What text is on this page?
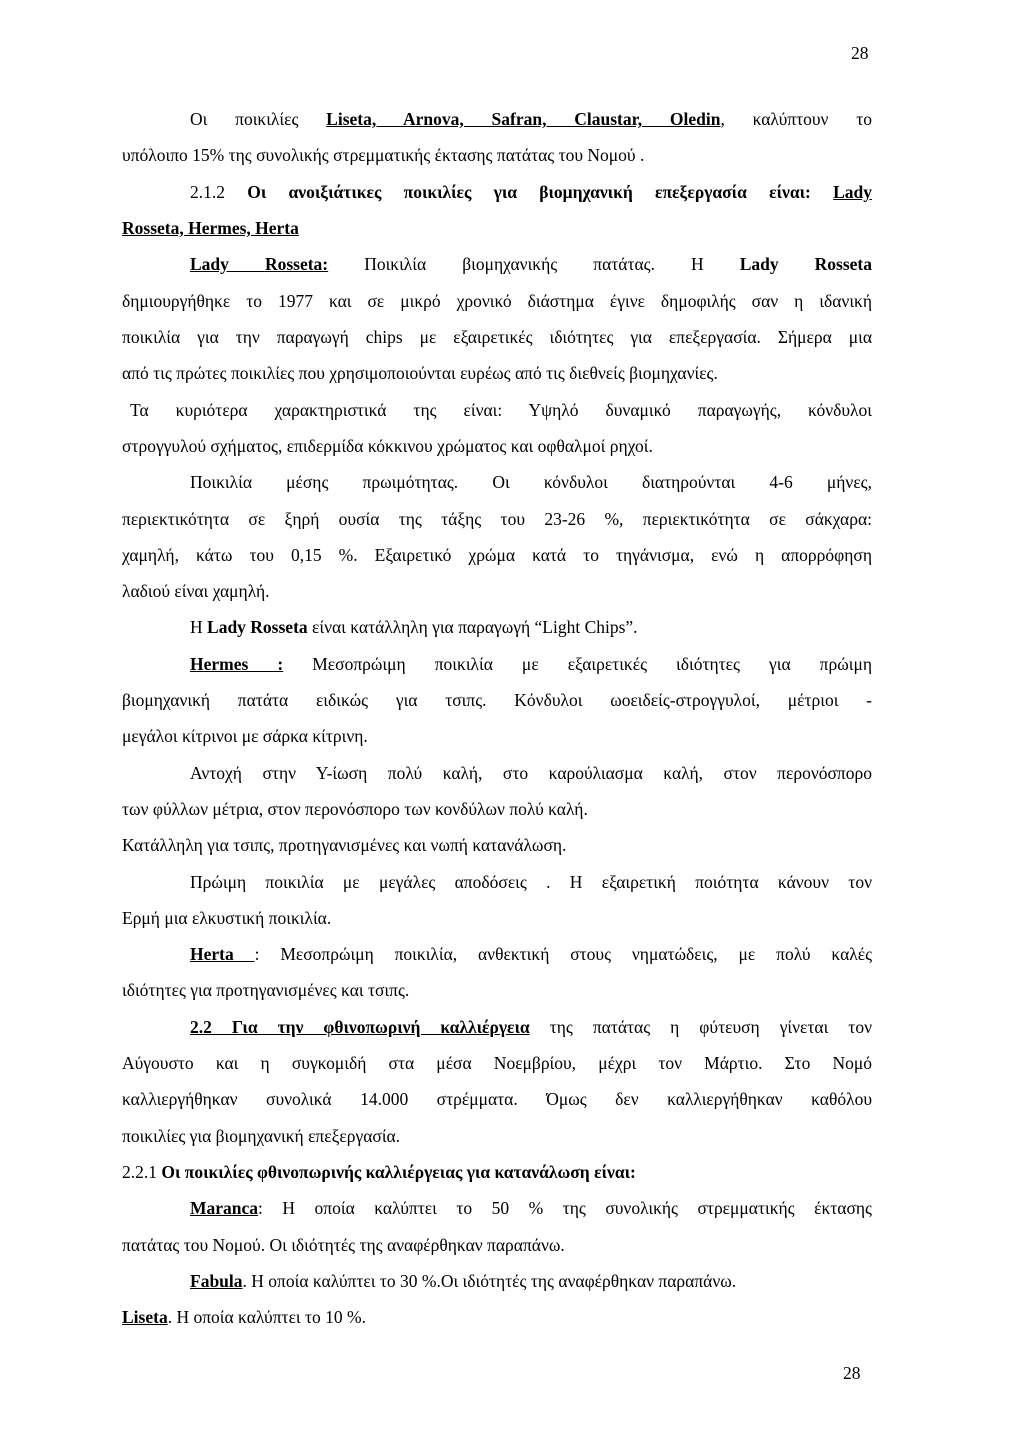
28

Οι ποικιλίες Liseta, Arnova, Safran, Claustar, Oledin, καλύπτουν το

υπόλοιπο 15% της συνολικής στρεμματικής έκτασης πατάτας του Νομού .

2.1.2 Οι ανοιξιάτικες ποικιλίες για βιομηχανική επεξεργασία είναι: Lady

Rosseta, Hermes, Herta

Lady Rosseta: Ποικιλία βιομηχανικής πατάτας. Η Lady Rosseta

δημιουργήθηκε το 1977 και σε μικρό χρονικό διάστημα έγινε δημοφιλής σαν η ιδανική

ποικιλία για την παραγωγή chips με εξαιρετικές ιδιότητες για επεξεργασία. Σήμερα μια

από τις πρώτες ποικιλίες που χρησιμοποιούνται ευρέως από τις διεθνείς βιομηχανίες.

Τα κυριότερα χαρακτηριστικά της είναι: Υψηλό δυναμικό παραγωγής, κόνδυλοι

στρογγυλού σχήματος, επιδερμίδα κόκκινου χρώματος και οφθαλμοί ρηχοί.

Ποικιλία μέσης πρωιμότητας. Οι κόνδυλοι διατηρούνται 4-6 μήνες,

περιεκτικότητα σε ξηρή ουσία της τάξης του 23-26 %, περιεκτικότητα σε σάκχαρα:

χαμηλή, κάτω του 0,15 %. Εξαιρετικό χρώμα κατά το τηγάνισμα, ενώ η απορρόφηση

λαδιού είναι χαμηλή.

Η Lady Rosseta είναι κατάλληλη για παραγωγή “Light Chips”.

Hermes : Μεσοπρώιμη ποικιλία με εξαιρετικές ιδιότητες για πρώιμη

βιομηχανική πατάτα ειδικώς για τσιπς. Κόνδυλοι ωοειδείς-στρογγυλοί, μέτριοι -

μεγάλοι κίτρινοι με σάρκα κίτρινη.

Αντοχή στην Υ-ίωση πολύ καλή, στο καρούλιασμα καλή, στον περονόσπορο

των φύλλων μέτρια, στον περονόσπορο των κονδύλων πολύ καλή.

Κατάλληλη για τσιπς, προτηγανισμένες και νωπή κατανάλωση.

Πρώιμη ποικιλία με μεγάλες αποδόσεις . Η εξαιρετική ποιότητα κάνουν τον

Ερμή μια ελκυστική ποικιλία.

Herta : Μεσοπρώιμη ποικιλία, ανθεκτική στους νηματώδεις, με πολύ καλές

ιδιότητες για προτηγανισμένες και τσιπς.

2.2 Για την φθινοπωρινή καλλιέργεια της πατάτας η φύτευση γίνεται τον

Αύγουστο και η συγκομιδή στα μέσα Νοεμβρίου, μέχρι τον Μάρτιο. Στο Νομό

καλλιεργήθηκαν συνολικά 14.000 στρέμματα. Όμως δεν καλλιεργήθηκαν καθόλου

ποικιλίες για βιομηχανική επεξεργασία.

2.2.1 Οι ποικιλίες φθινοπωρινής καλλιέργειας για κατανάλωση είναι:

Maranca: Η οποία καλύπτει το 50 % της συνολικής στρεμματικής έκτασης

πατάτας του Νομού. Οι ιδιότητές της αναφέρθηκαν παραπάνω.

Fabula. Η οποία καλύπτει το 30 %.Οι ιδιότητές της αναφέρθηκαν παραπάνω.

Liseta. Η οποία καλύπτει το 10 %.

28
